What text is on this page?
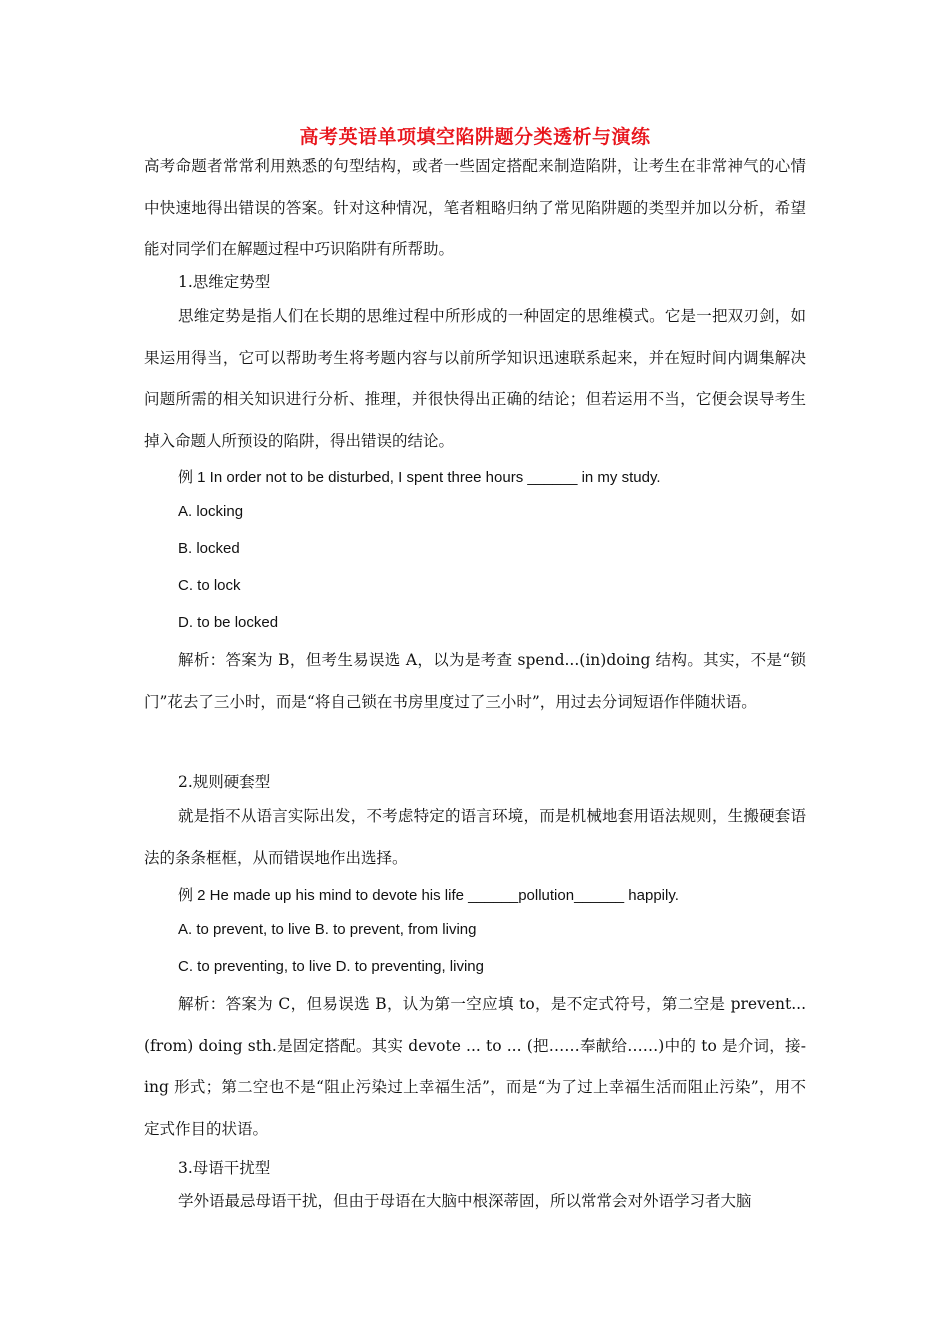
高考英语单项填空陷阱题分类透析与演练

高考命题者常常利用熟悉的句型结构，或者一些固定搭配来制造陷阱，让考生在非常神气的心情中快速地得出错误的答案。针对这种情况，笔者粗略归纳了常见陷阱题的类型并加以分析，希望能对同学们在解题过程中巧识陷阱有所帮助。

1.思维定势型

思维定势是指人们在长期的思维过程中所形成的一种固定的思维模式。它是一把双刃剑，如果运用得当，它可以帮助考生将考题内容与以前所学知识迅速联系起来，并在短时间内调集解决问题所需的相关知识进行分析、推理，并很快得出正确的结论；但若运用不当，它便会误导考生掉入命题人所预设的陷阱，得出错误的结论。

例 1 In order not to be disturbed, I spent three hours ______ in my study.

A. locking

B. locked

C. to lock

D. to be locked

解析：答案为 B，但考生易误选 A，以为是考查 spend...(in)doing 结构。其实，不是“锁门”花去了三小时，而是“将自己锁在书房里度过了三小时”，用过去分词短语作伴随状语。

2.规则硬套型

就是指不从语言实际出发，不考虑特定的语言环境，而是机械地套用语法规则，生搬硬套语法的条条框框，从而错误地作出选择。

例 2 He made up his mind to devote his life ______pollution______ happily.

A. to prevent, to live B. to prevent, from living

C. to preventing, to live D. to preventing, living

解析：答案为 C，但易误选 B，认为第一空应填 to，是不定式符号，第二空是 prevent... (from) doing sth.是固定搭配。其实 devote ... to ... (把……奉献给……)中的 to 是介词，接-ing 形式；第二空也不是“阻止污染过上幸福生活”，而是“为了过上幸福生活而阻止污染”，用不定式作目的状语。

3.母语干扰型

学外语最忌母语干扰，但由于母语在大脑中根深蒂固，所以常常会对外语学习者大脑
